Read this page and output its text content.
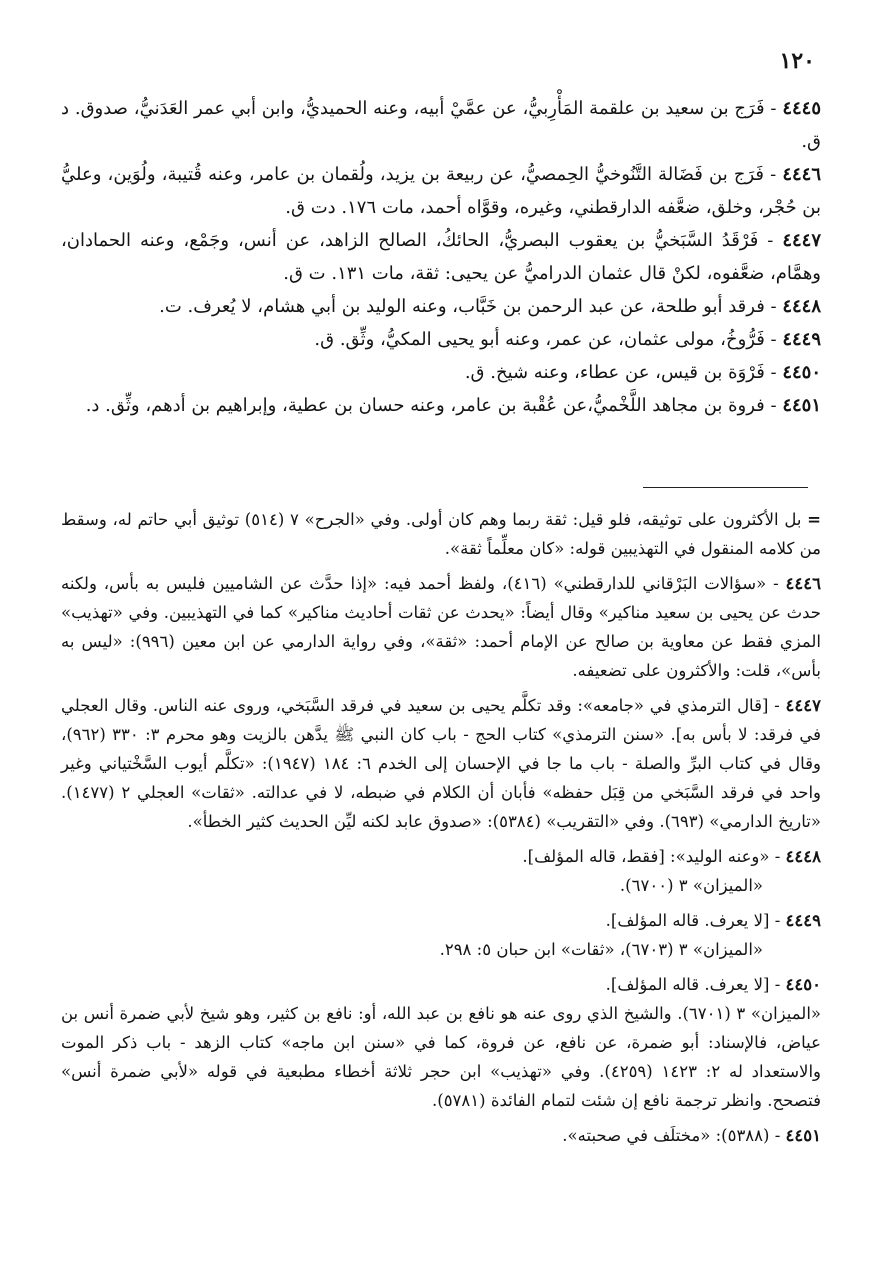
١٢٠

٤٤٤٥ - فَرَج بن سعيد بن علقمة المَأْرِبيُّ، عن عمَّيْ أبيه، وعنه الحميديُّ، وابن أبي عمر العَدَنيُّ، صدوق. د ق.

٤٤٤٦ - فَرَج بن فَضَالة التَّنُوخيُّ الحِمصيُّ، عن ربيعة بن يزيد، ولُقمان بن عامر، وعنه قُتيبة، ولُوَين، وعليُّ بن حُجْر، وخلق، ضعَّفه الدارقطني، وغيره، وقوَّاه أحمد، مات ١٧٦. دت ق.

٤٤٤٧ - فَرْقَدُ السَّبَخيُّ بن يعقوب البصريُّ، الحائكُ، الصالح الزاهد، عن أنس، وجَمْع، وعنه الحمادان، وهمَّام، ضعَّفوه، لكنْ قال عثمان الدراميُّ عن يحيى: ثقة، مات ١٣١. ت ق.

٤٤٤٨ - فرقد أبو طلحة، عن عبد الرحمن بن خَبَّاب، وعنه الوليد بن أبي هشام، لا يُعرف. ت.

٤٤٤٩ - فَرُّوخُ، مولى عثمان، عن عمر، وعنه أبو يحيى المكيُّ، وثِّق. ق.

٤٤٥٠ - فَرْوَة بن قيس، عن عطاء، وعنه شيخ. ق.

٤٤٥١ - فروة بن مجاهد اللَّخْميُّ،عن عُقْبة بن عامر، وعنه حسان بن عطية، وإبراهيم بن أدهم، وثِّق. د.

= بل الأكثرون على توثيقه، فلو قيل: ثقة ربما وهم كان أولى. وفي «الجرح» ٧ (٥١٤) توثيق أبي حاتم له، وسقط من كلامه المنقول في التهذيبين قوله: «كان معلِّماً ثقة».

٤٤٤٦ - «سؤالات البَرْقاني للدارقطني» (٤١٦)، ولفظ أحمد فيه: «إذا حدَّث عن الشاميين فليس به بأس، ولكنه حدث عن يحيى بن سعيد مناكير» وقال أيضاً: «يحدث عن ثقات أحاديث مناكير» كما في التهذيبين. وفي «تهذيب» المزي فقط عن معاوية بن صالح عن الإمام أحمد: «ثقة»، وفي رواية الدارمي عن ابن معين (٩٩٦): «ليس به بأس»، قلت: والأكثرون على تضعيفه.

٤٤٤٧ - [قال الترمذي في «جامعه»: وقد تكلَّم يحيى بن سعيد في فرقد السَّبَخي، وروى عنه الناس. وقال العجلي في فرقد: لا بأس به]. «سنن الترمذي» كتاب الحج - باب كان النبي ﷺ يدَّهن بالزيت وهو محرم ٣: ٣٣٠ (٩٦٢)، وقال في كتاب البرِّ والصلة - باب ما جا في الإحسان إلى الخدم ٦: ١٨٤ (١٩٤٧): «تكلَّم أيوب السَّخْتياني وغير واحد في فرقد السَّبَخي من قِبَل حفظه» فأبان أن الكلام في ضبطه، لا في عدالته. «ثقات» العجلي ٢ (١٤٧٧). «تاريخ الدارمي» (٦٩٣). وفي «التقريب» (٥٣٨٤): «صدوق عابد لكنه ليِّن الحديث كثير الخطأ».

٤٤٤٨ - «وعنه الوليد»: [فقط، قاله المؤلف].
«الميزان» ٣ (٦٧٠٠).

٤٤٤٩ - [لا يعرف. قاله المؤلف].
«الميزان» ٣ (٦٧٠٣)، «ثقات» ابن حبان ٥: ٢٩٨.

٤٤٥٠ - [لا يعرف. قاله المؤلف].
«الميزان» ٣ (٦٧٠١). والشيخ الذي روى عنه هو نافع بن عبد الله، أو: نافع بن كثير، وهو شيخ لأبي ضمرة أنس بن عياض، فالإسناد: أبو ضمرة، عن نافع، عن فروة، كما في «سنن ابن ماجه» كتاب الزهد - باب ذكر الموت والاستعداد له ٢: ١٤٢٣ (٤٢٥٩). وفي «تهذيب» ابن حجر ثلاثة أخطاء مطبعية في قوله «لأبي ضمرة أنس» فتصحح. وانظر ترجمة نافع إن شئت لتمام الفائدة (٥٧٨١).

٤٤٥١ - (٥٣٨٨): «مختلَف في صحبته».
